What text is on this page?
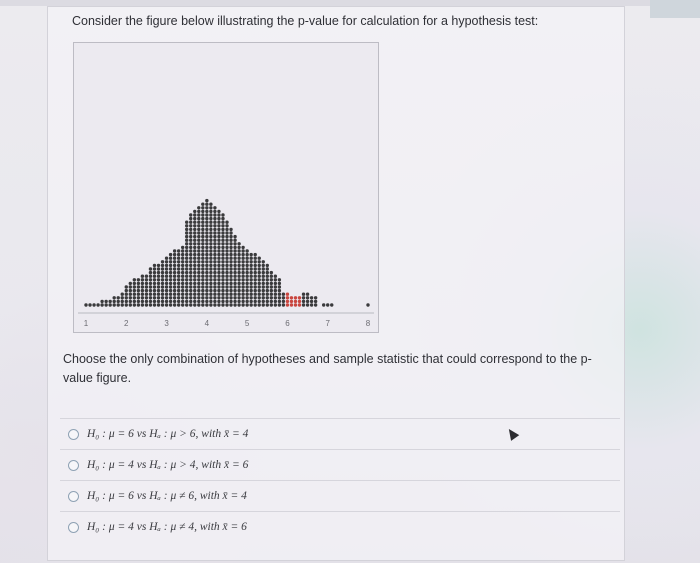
Consider the figure below illustrating the p-value for calculation for a hypothesis test:
1	2	3	4	5	6	7	8
Choose the only combination of hypotheses and sample statistic that could correspond to the p-value figure.
H₀ : μ = 6 vs Hₐ : μ > 6, with x̄ = 4
H₀ : μ = 4 vs Hₐ : μ > 4, with x̄ = 6
H₀ : μ = 6 vs Hₐ : μ ≠ 6, with x̄ = 4
H₀ : μ = 4 vs Hₐ : μ ≠ 4, with x̄ = 6
